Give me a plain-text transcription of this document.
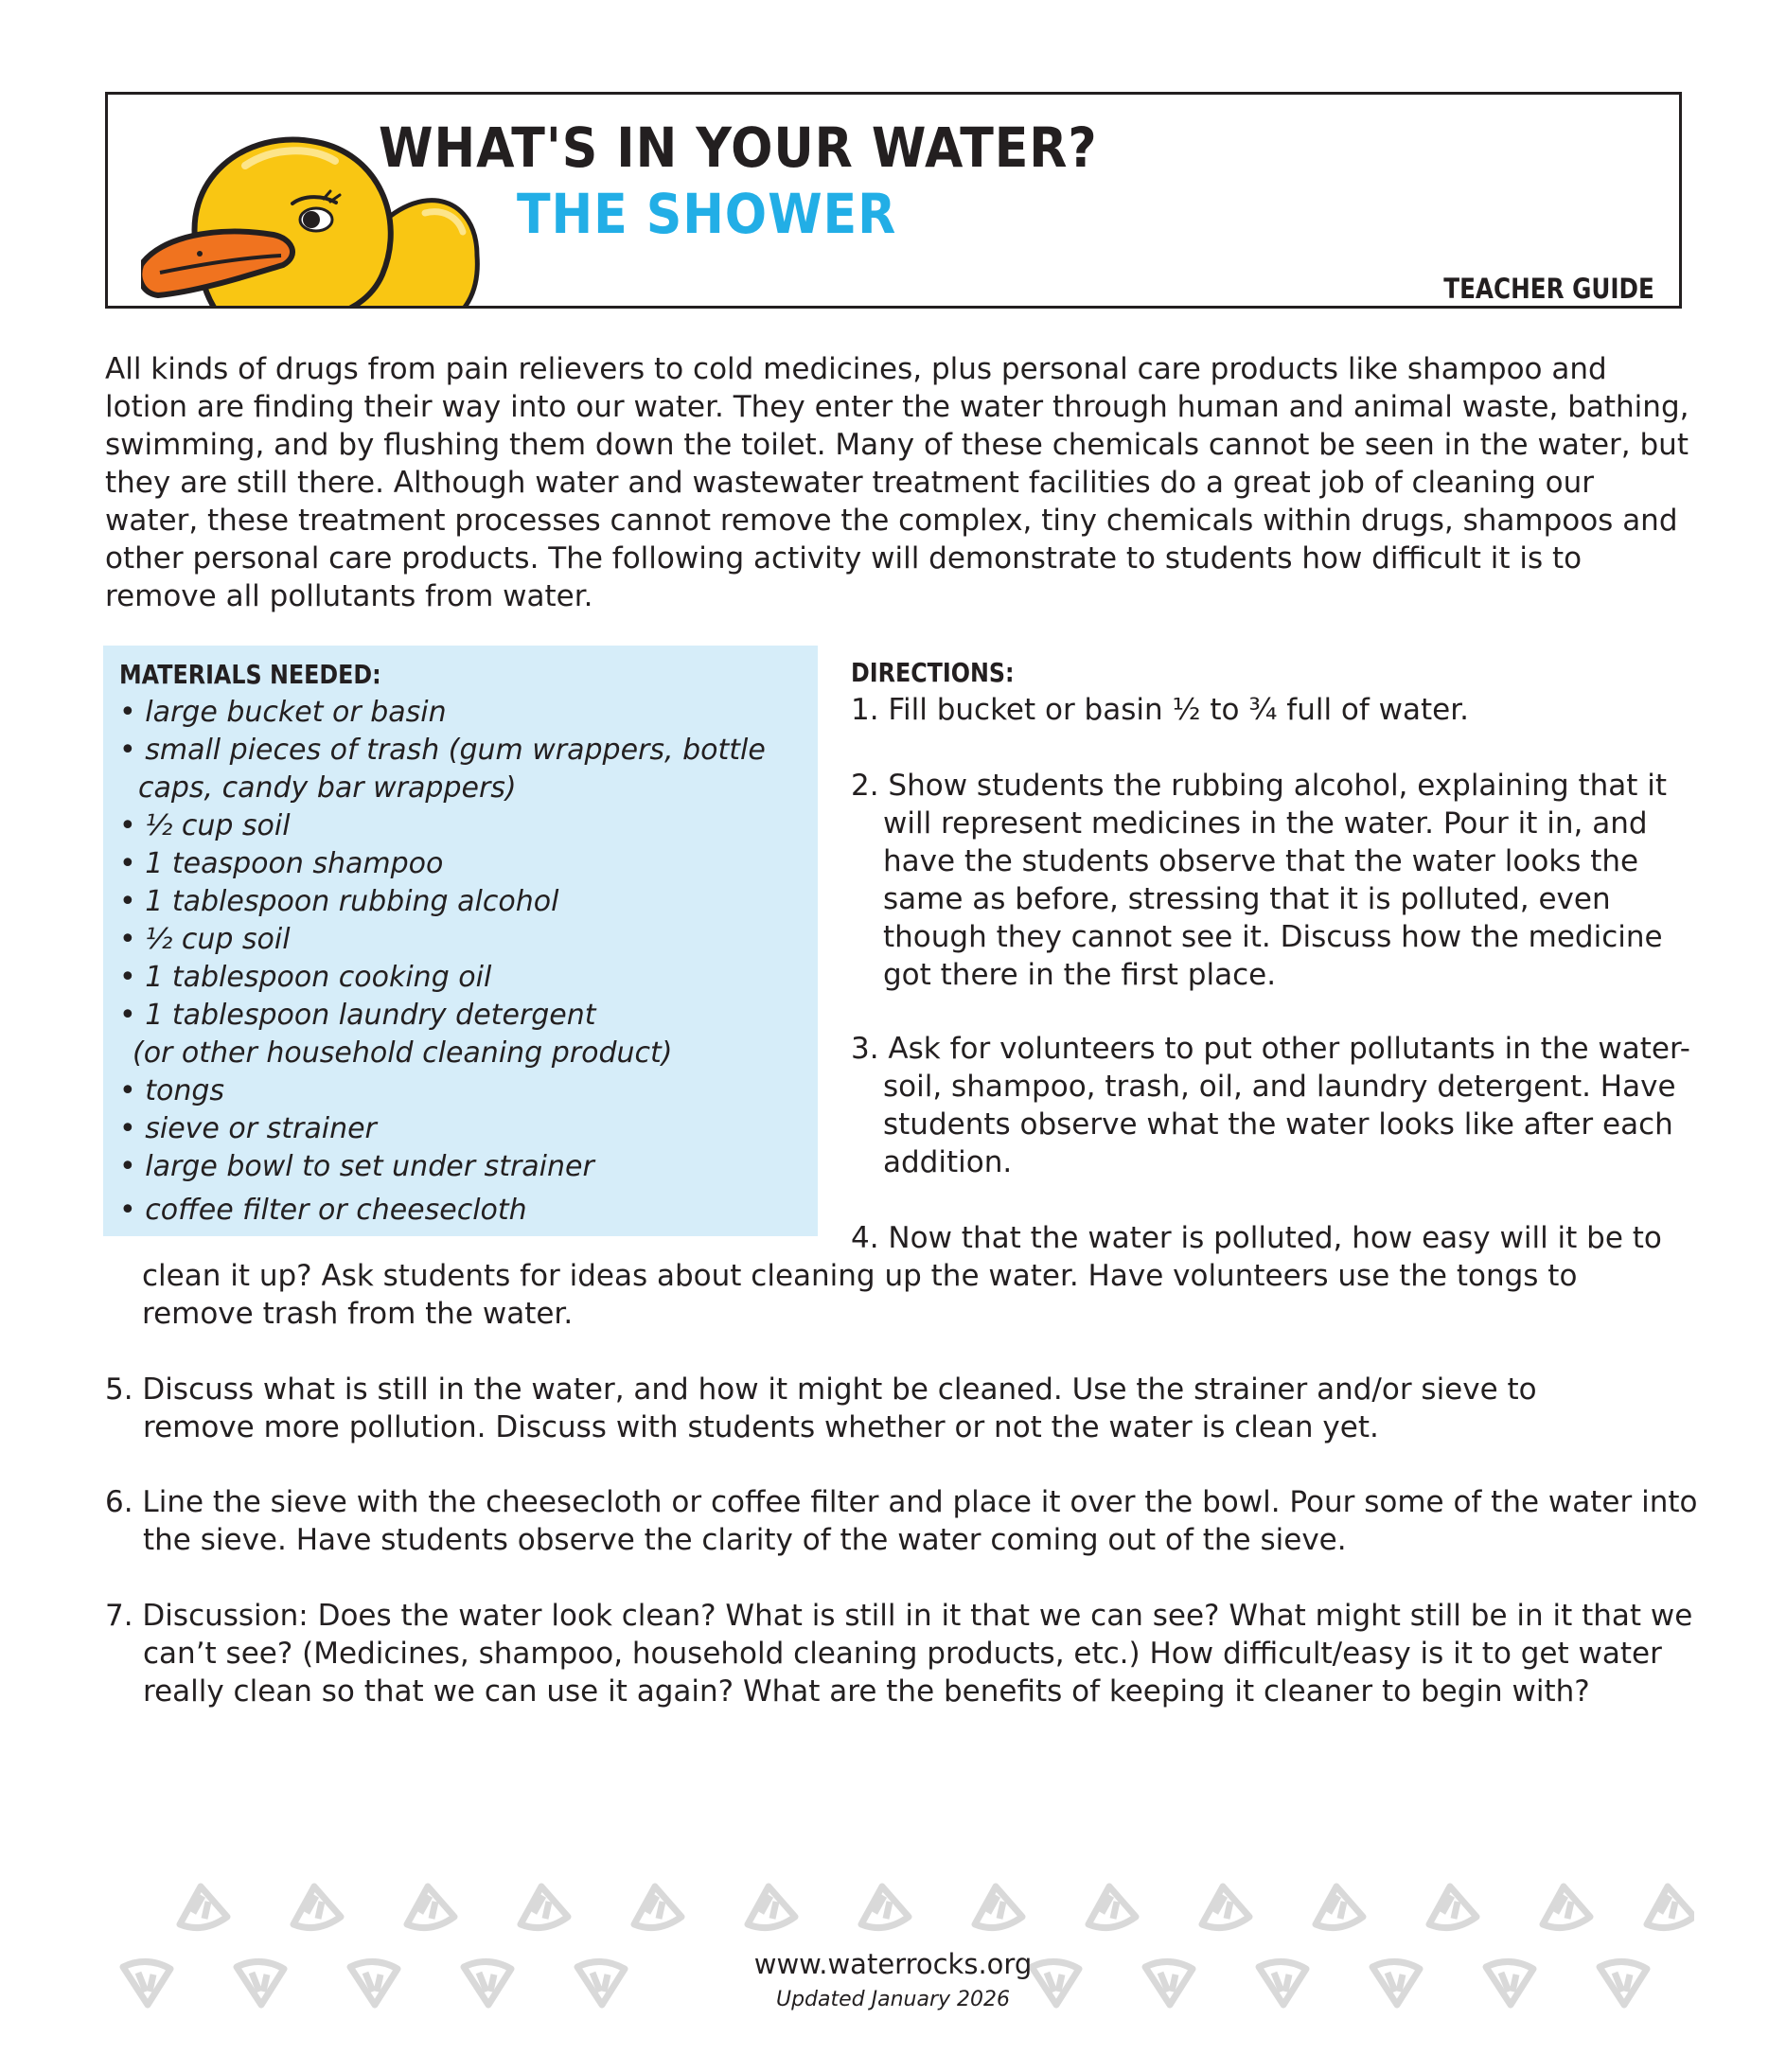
WHAT'S IN YOUR WATER?
THE SHOWER
TEACHER GUIDE

All kinds of drugs from pain relievers to cold medicines, plus personal care products like shampoo and lotion are finding their way into our water. They enter the water through human and animal waste, bathing, swimming, and by flushing them down the toilet. Many of these chemicals cannot be seen in the water, but they are still there. Although water and wastewater treatment facilities do a great job of cleaning our water, these treatment processes cannot remove the complex, tiny chemicals within drugs, shampoos and other personal care products. The following activity will demonstrate to students how difficult it is to remove all pollutants from water.

MATERIALS NEEDED:
• large bucket or basin
• small pieces of trash (gum wrappers, bottle caps, candy bar wrappers)
• ½ cup soil
• 1 teaspoon shampoo
• 1 tablespoon rubbing alcohol
• ½ cup soil
• 1 tablespoon cooking oil
• 1 tablespoon laundry detergent
(or other household cleaning product)
• tongs
• sieve or strainer
• large bowl to set under strainer
• coffee filter or cheesecloth
DIRECTIONS:

1. Fill bucket or basin ½ to ¾ full of water.

2. Show students the rubbing alcohol, explaining that it will represent medicines in the water. Pour it in, and have the students observe that the water looks the same as before, stressing that it is polluted, even though they cannot see it. Discuss how the medicine got there in the first place.

3. Ask for volunteers to put other pollutants in the water- soil, shampoo, trash, oil, and laundry detergent. Have students observe what the water looks like after each addition.

4. Now that the water is polluted, how easy will it be to

clean it up? Ask students for ideas about cleaning up the water. Have volunteers use the tongs to remove trash from the water.

5. Discuss what is still in the water, and how it might be cleaned. Use the strainer and/or sieve to remove more pollution. Discuss with students whether or not the water is clean yet.

6. Line the sieve with the cheesecloth or coffee filter and place it over the bowl. Pour some of the water into the sieve. Have students observe the clarity of the water coming out of the sieve.

7. Discussion: Does the water look clean? What is still in it that we can see? What might still be in it that we can’t see? (Medicines, shampoo, household cleaning products, etc.) How difficult/easy is it to get water really clean so that we can use it again? What are the benefits of keeping it cleaner to begin with?

www.waterrocks.org
Updated January 2026
